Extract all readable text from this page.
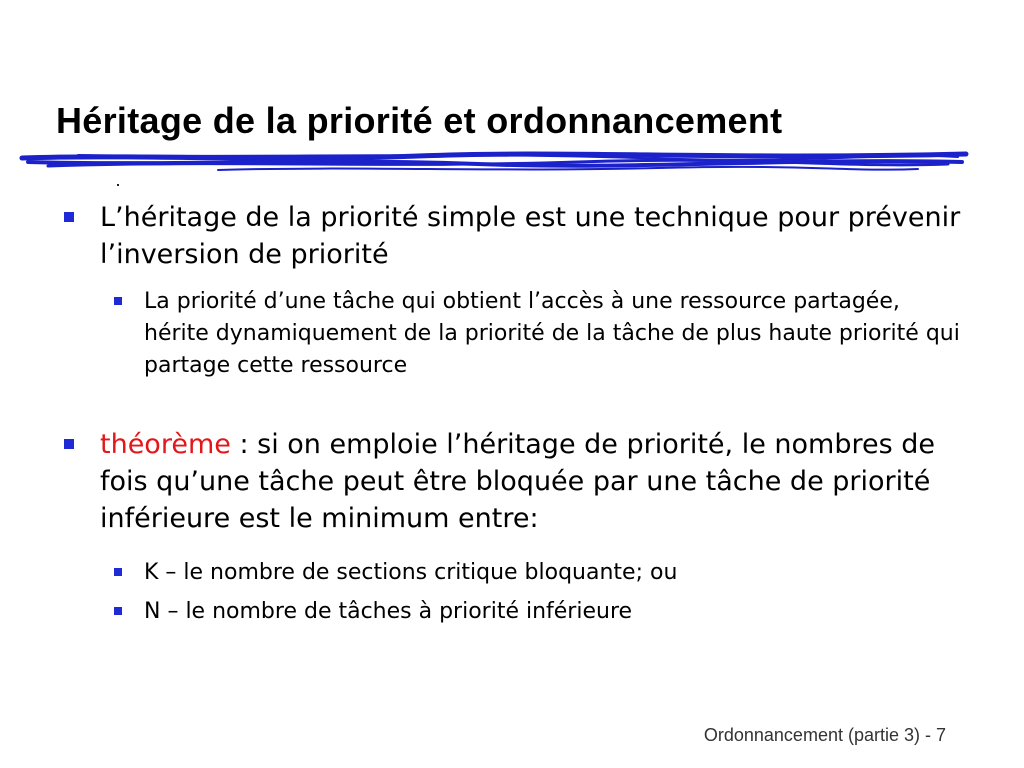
Héritage de la priorité et ordonnancement
L’héritage de la priorité simple est une technique pour prévenir l’inversion de priorité
La priorité d’une tâche qui obtient l’accès à une ressource partagée, hérite dynamiquement de la priorité de la tâche de plus haute priorité qui partage cette ressource
théorème : si on emploie l’héritage de priorité, le nombres de fois qu’une tâche peut être bloquée par une tâche de priorité inférieure est le minimum entre:
K – le nombre de sections critique bloquante; ou
N – le nombre de tâches à priorité inférieure
Ordonnancement (partie 3) - 7
